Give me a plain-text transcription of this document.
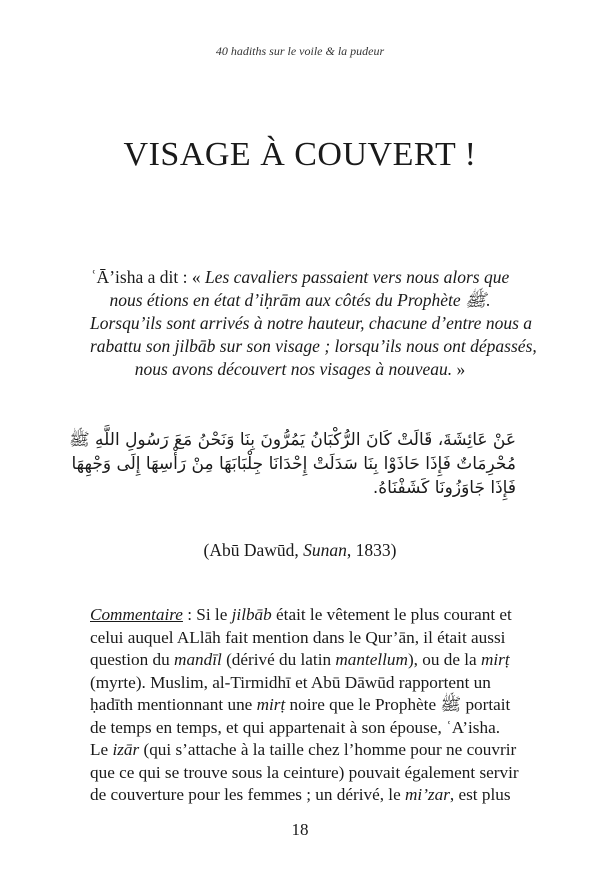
40 hadiths sur le voile & la pudeur
VISAGE À COUVERT !
ʿĀ’isha a dit : « Les cavaliers passaient vers nous alors que
nous étions en état d’iḥrām aux côtés du Prophète ﷺ.
Lorsqu’ils sont arrivés à notre hauteur, chacune d’entre nous a
rabattu son jilbāb sur son visage ; lorsqu’ils nous ont dépassés,
nous avons découvert nos visages à nouveau. »
عَنْ عَائِشَةَ، قَالَتْ كَانَ الرُّكْبَانُ يَمُرُّونَ بِنَا وَنَحْنُ مَعَ رَسُولِ اللَّهِ ﷺ
مُحْرِمَاتٌ فَإِذَا حَاذَوْا بِنَا سَدَلَتْ إِحْدَانَا جِلْبَابَهَا مِنْ رَأْسِهَا إِلَى وَجْهِهَا
فَإِذَا جَاوَزُونَا كَشَفْنَاهُ.
(Abū Dawūd, Sunan, 1833)
Commentaire : Si le jilbāb était le vêtement le plus courant et
celui auquel ALlāh fait mention dans le Qur’ān, il était aussi
question du mandīl (dérivé du latin mantellum), ou de la mirṭ
(myrte). Muslim, al-Tirmidhī et Abū Dāwūd rapportent un
ḥadīth mentionnant une mirṭ noire que le Prophète ﷺ portait
de temps en temps, et qui appartenait à son épouse, ʿA’isha.
Le izār (qui s’attache à la taille chez l’homme pour ne couvrir
que ce qui se trouve sous la ceinture) pouvait également servir
de couverture pour les femmes ; un dérivé, le mi’zar, est plus
18
